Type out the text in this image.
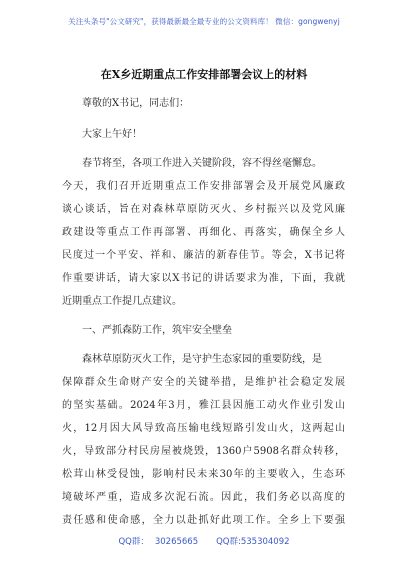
关注头条号"公文研究"，获得最新最全最专业的公文资料库！ 微信：gongwenyj
在X乡近期重点工作安排部署会议上的材料
尊敬的X书记，同志们：
大家上午好！
春节将至，各项工作进入关键阶段，容不得丝毫懈怠。
今天，我们召开近期重点工作安排部署会及开展党风廉政
谈心谈话，旨在对森林草原防灭火、乡村振兴以及党风廉
政建设等重点工作再部署、再细化、再落实，确保全乡人
民度过一个平安、祥和、廉洁的新春佳节。等会，X书记将
作重要讲话，请大家以X书记的讲话要求为准，下面，我就
近期重点工作提几点建议。
一、严抓森防工作，筑牢安全壁垒
森林草原防灭火工作，是守护生态家园的重要防线，是
保障群众生命财产安全的关键举措，是维护社会稳定发展
的坚实基础。2024年3月，雅江县因施工动火作业引发山
火，12月因大风导致高压输电线短路引发山火，这两起山
火，导致部分村民房屋被烧毁，1360户5908名群众转移，
松茸山林受侵蚀，影响村民未来30年的主要收入，生态环
境破坏严重，造成多次泥石流。因此，我们务必以高度的
责任感和使命感，全力以赴抓好此项工作。全乡上下要强
QQ群： 30265665 QQ群:535304092
